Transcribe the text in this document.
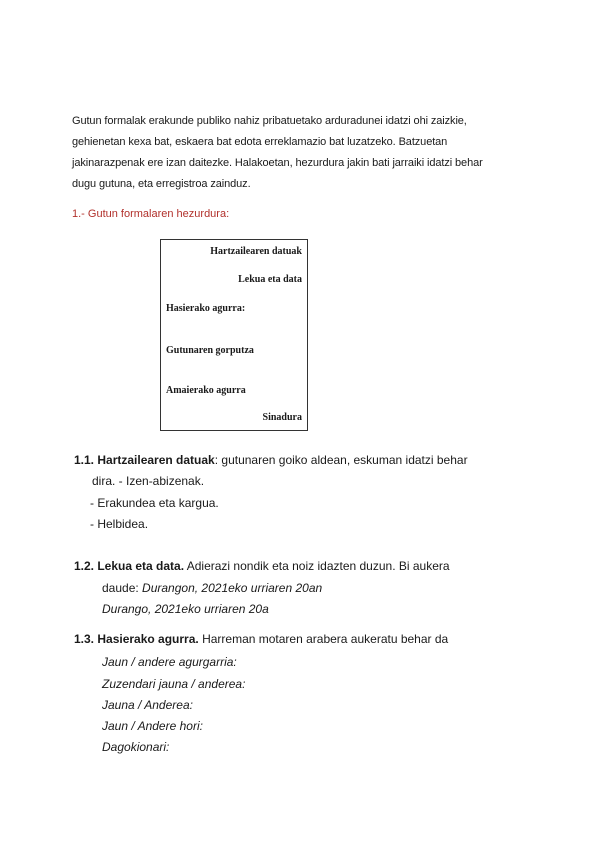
Gutun formalak erakunde publiko nahiz pribatuetako arduradunei idatzi ohi zaizkie,
gehienetan kexa bat, eskaera bat edota erreklamazio bat luzatzeko. Batzuetan
jakinarazpenak ere izan daitezke. Halakoetan, hezurdura jakin bati jarraiki idatzi behar
dugu gutuna, eta erregistroa zainduz.
1.- Gutun formalaren hezurdura:
Hartzailearen datuak
Lekua eta data
Hasierako agurra:
Gutunaren gorputza
Amaierako agurra
Sinadura
1.1. Hartzailearen datuak: gutunaren goiko aldean, eskuman idatzi behar
dira. - Izen-abizenak.
- Erakundea eta kargua.
- Helbidea.
1.2. Lekua eta data. Adierazi nondik eta noiz idazten duzun. Bi aukera
daude: Durangon, 2021eko urriaren 20an
Durango, 2021eko urriaren 20a
1.3. Hasierako agurra. Harreman motaren arabera aukeratu behar da
Jaun / andere agurgarria:
Zuzendari jauna / anderea:
Jauna / Anderea:
Jaun / Andere hori:
Dagokionari:
